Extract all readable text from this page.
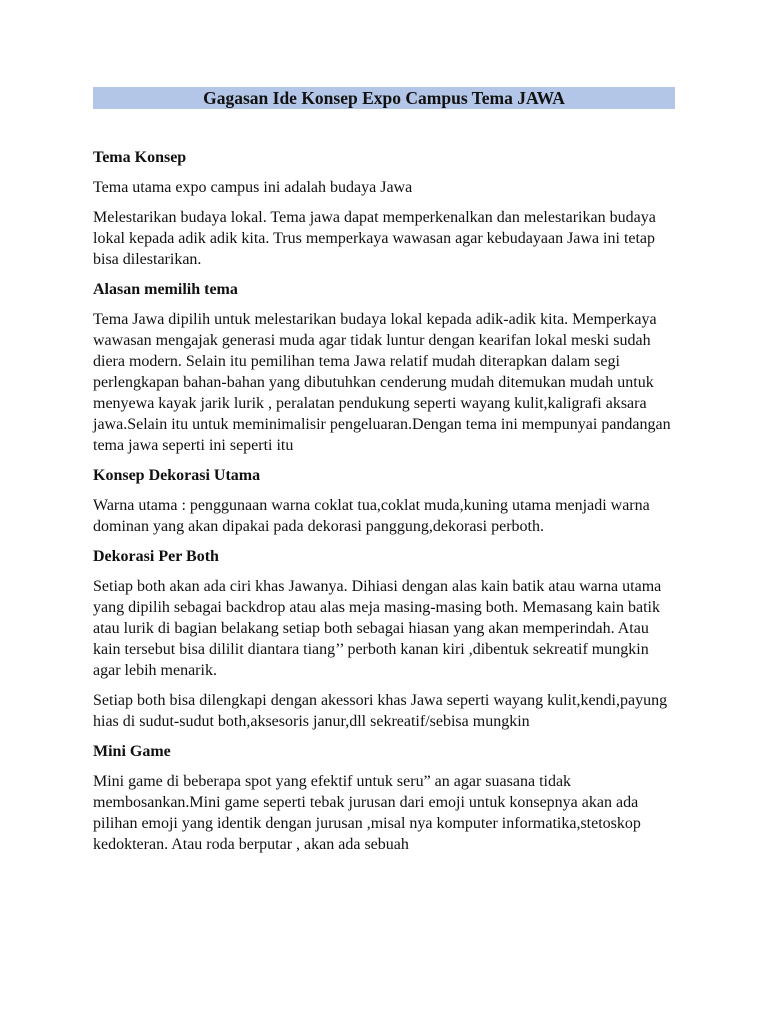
Gagasan Ide Konsep Expo Campus Tema JAWA
Tema Konsep
Tema utama expo campus ini adalah budaya Jawa
Melestarikan budaya lokal. Tema jawa dapat memperkenalkan dan melestarikan budaya lokal kepada adik adik kita. Trus memperkaya wawasan agar kebudayaan Jawa ini tetap bisa dilestarikan.
Alasan memilih tema
Tema Jawa dipilih untuk melestarikan budaya lokal kepada adik-adik kita. Memperkaya wawasan mengajak generasi muda agar tidak luntur dengan kearifan lokal meski sudah diera modern. Selain itu pemilihan tema Jawa relatif mudah diterapkan dalam segi perlengkapan bahan-bahan yang dibutuhkan cenderung mudah ditemukan mudah untuk menyewa kayak jarik lurik , peralatan pendukung seperti wayang kulit,kaligrafi aksara jawa.Selain itu untuk meminimalisir pengeluaran.Dengan tema ini mempunyai pandangan tema jawa seperti ini seperti itu
Konsep Dekorasi Utama
Warna utama : penggunaan warna coklat tua,coklat muda,kuning utama menjadi warna dominan yang akan dipakai pada dekorasi panggung,dekorasi perboth.
Dekorasi Per Both
Setiap both akan ada ciri khas Jawanya. Dihiasi dengan alas kain batik atau warna utama yang dipilih sebagai backdrop atau alas meja masing-masing both. Memasang kain batik atau lurik di bagian belakang setiap both sebagai hiasan yang akan memperindah. Atau kain tersebut bisa dililit diantara tiang’’ perboth kanan kiri ,dibentuk sekreatif mungkin agar lebih menarik.
Setiap both bisa dilengkapi dengan akessori khas Jawa seperti wayang kulit,kendi,payung hias di sudut-sudut both,aksesoris janur,dll sekreatif/sebisa mungkin
Mini Game
Mini game di beberapa spot yang efektif untuk seru” an agar suasana tidak membosankan.Mini game seperti tebak jurusan dari emoji untuk konsepnya akan ada pilihan emoji yang identik dengan jurusan ,misal nya komputer informatika,stetoskop kedokteran. Atau roda berputar , akan ada sebuah
